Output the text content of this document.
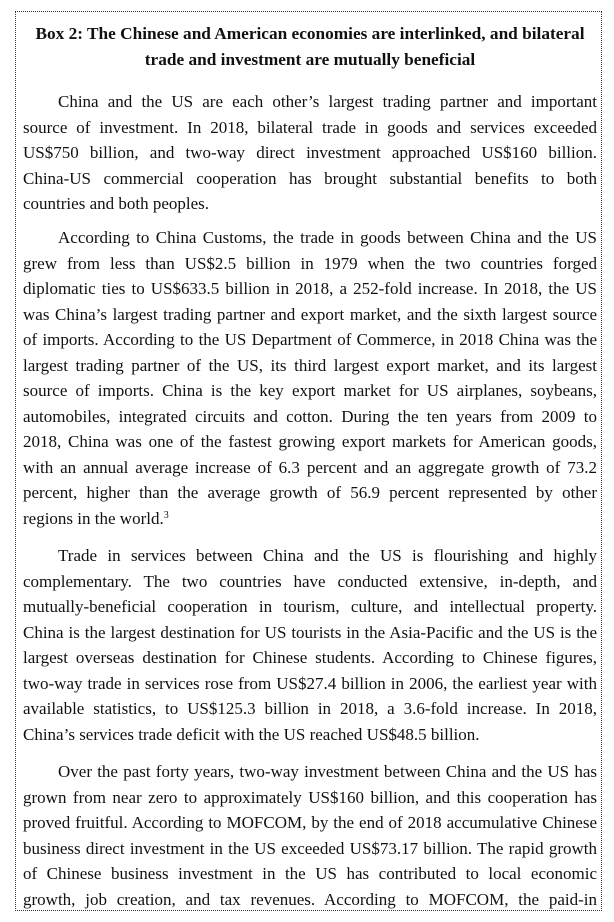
Box 2: The Chinese and American economies are interlinked, and bilateral
trade and investment are mutually beneficial
China and the US are each other’s largest trading partner and important
source of investment. In 2018, bilateral trade in goods and services exceeded
US$750 billion, and two-way direct investment approached US$160 billion.
China-US commercial cooperation has brought substantial benefits to both
countries and both peoples.
According to China Customs, the trade in goods between China and the US
grew from less than US$2.5 billion in 1979 when the two countries forged
diplomatic ties to US$633.5 billion in 2018, a 252-fold increase. In 2018, the US
was China’s largest trading partner and export market, and the sixth largest source
of imports. According to the US Department of Commerce, in 2018 China was the
largest trading partner of the US, its third largest export market, and its largest
source of imports. China is the key export market for US airplanes, soybeans,
automobiles, integrated circuits and cotton. During the ten years from 2009 to
2018, China was one of the fastest growing export markets for American goods,
with an annual average increase of 6.3 percent and an aggregate growth of 73.2
percent, higher than the average growth of 56.9 percent represented by other
regions in the world.$^3$
Trade in services between China and the US is flourishing and highly
complementary. The two countries have conducted extensive, in-depth, and
mutually-beneficial cooperation in tourism, culture, and intellectual property.
China is the largest destination for US tourists in the Asia-Pacific and the US is the
largest overseas destination for Chinese students. According to Chinese figures,
two-way trade in services rose from US$27.4 billion in 2006, the earliest year with
available statistics, to US$125.3 billion in 2018, a 3.6-fold increase. In 2018,
China’s services trade deficit with the US reached US$48.5 billion.
Over the past forty years, two-way investment between China and the US has
grown from near zero to approximately US$160 billion, and this cooperation has
proved fruitful. According to MOFCOM, by the end of 2018 accumulative Chinese
business direct investment in the US exceeded US$73.17 billion. The rapid growth
of Chinese business investment in the US has contributed to local economic
growth, job creation, and tax revenues. According to MOFCOM, the paid-in
